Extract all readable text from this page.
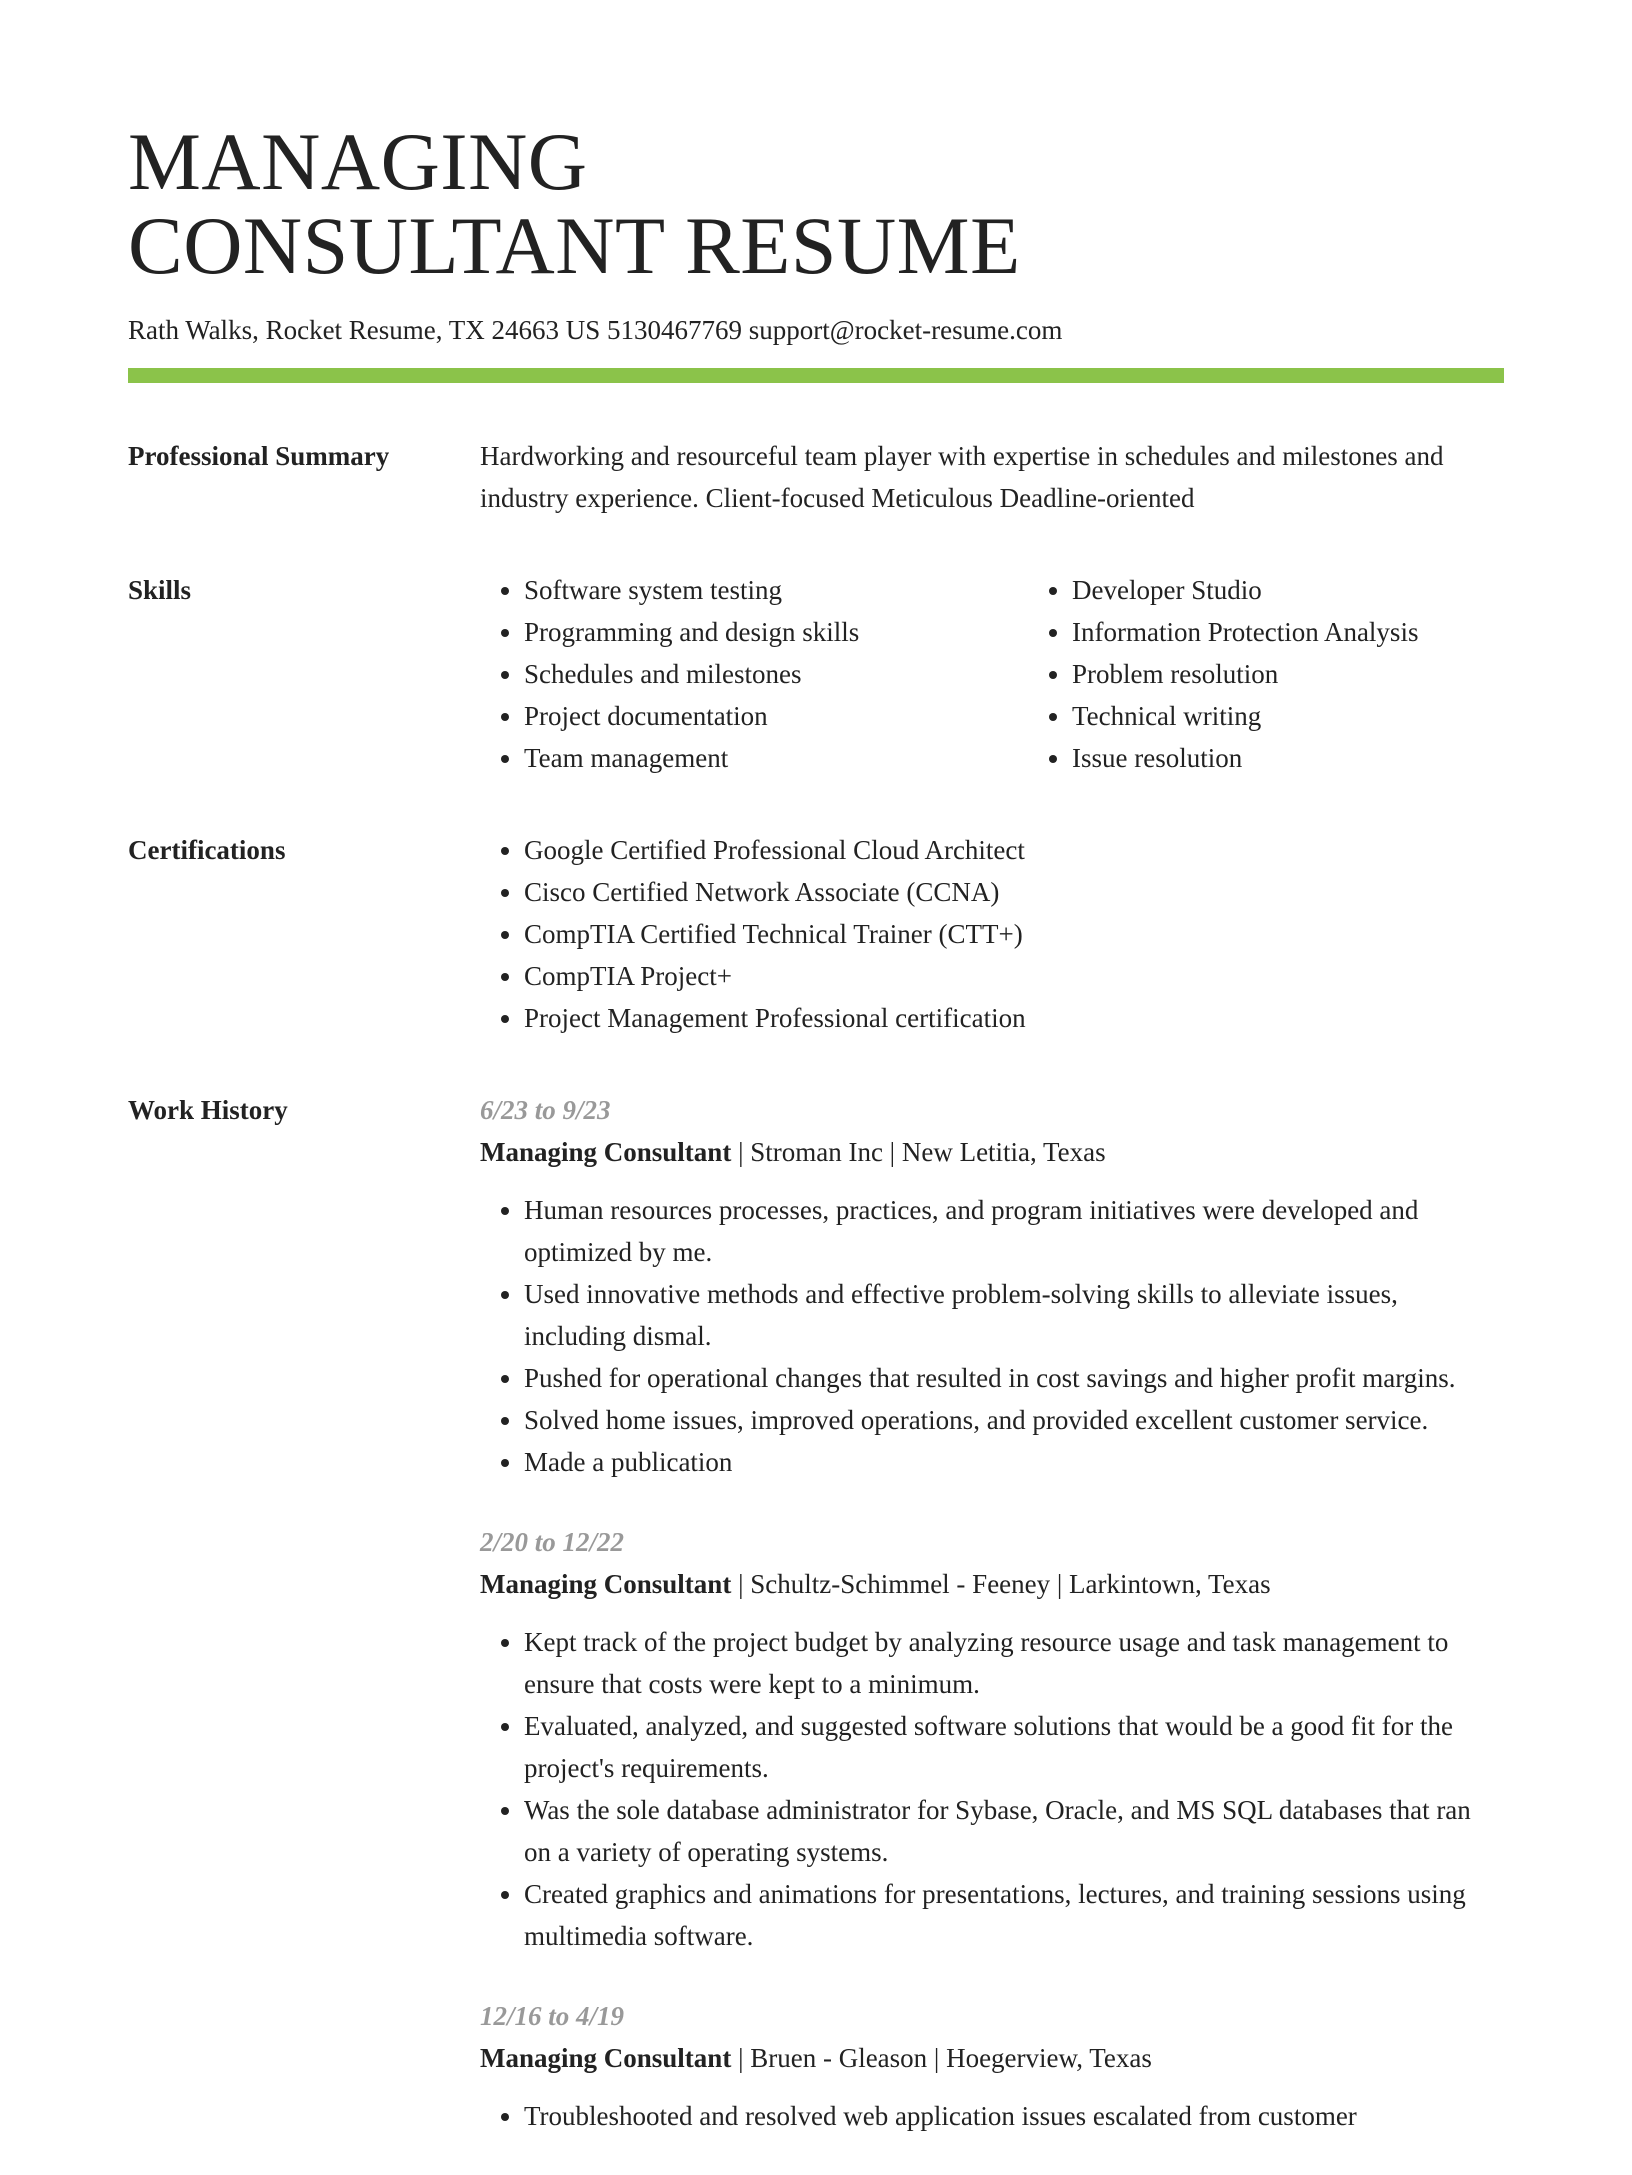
MANAGING
CONSULTANT RESUME
Rath Walks, Rocket Resume, TX 24663 US 5130467769 support@rocket-resume.com
Professional Summary	Hardworking and resourceful team player with expertise in schedules and milestones and industry experience. Client-focused Meticulous Deadline-oriented
Skills	• Software system testing
• Programming and design skills
• Schedules and milestones
• Project documentation
• Team management
• Developer Studio
• Information Protection Analysis
• Problem resolution
• Technical writing
• Issue resolution
Certifications	• Google Certified Professional Cloud Architect
• Cisco Certified Network Associate (CCNA)
• CompTIA Certified Technical Trainer (CTT+)
• CompTIA Project+
• Project Management Professional certification
Work History	6/23 to 9/23
Managing Consultant | Stroman Inc | New Letitia, Texas
• Human resources processes, practices, and program initiatives were developed and optimized by me.
• Used innovative methods and effective problem-solving skills to alleviate issues, including dismal.
• Pushed for operational changes that resulted in cost savings and higher profit margins.
• Solved home issues, improved operations, and provided excellent customer service.
• Made a publication
2/20 to 12/22
Managing Consultant | Schultz-Schimmel - Feeney | Larkintown, Texas
• Kept track of the project budget by analyzing resource usage and task management to ensure that costs were kept to a minimum.
• Evaluated, analyzed, and suggested software solutions that would be a good fit for the project's requirements.
• Was the sole database administrator for Sybase, Oracle, and MS SQL databases that ran on a variety of operating systems.
• Created graphics and animations for presentations, lectures, and training sessions using multimedia software.
12/16 to 4/19
Managing Consultant | Bruen - Gleason | Hoegerview, Texas
• Troubleshooted and resolved web application issues escalated from customer
